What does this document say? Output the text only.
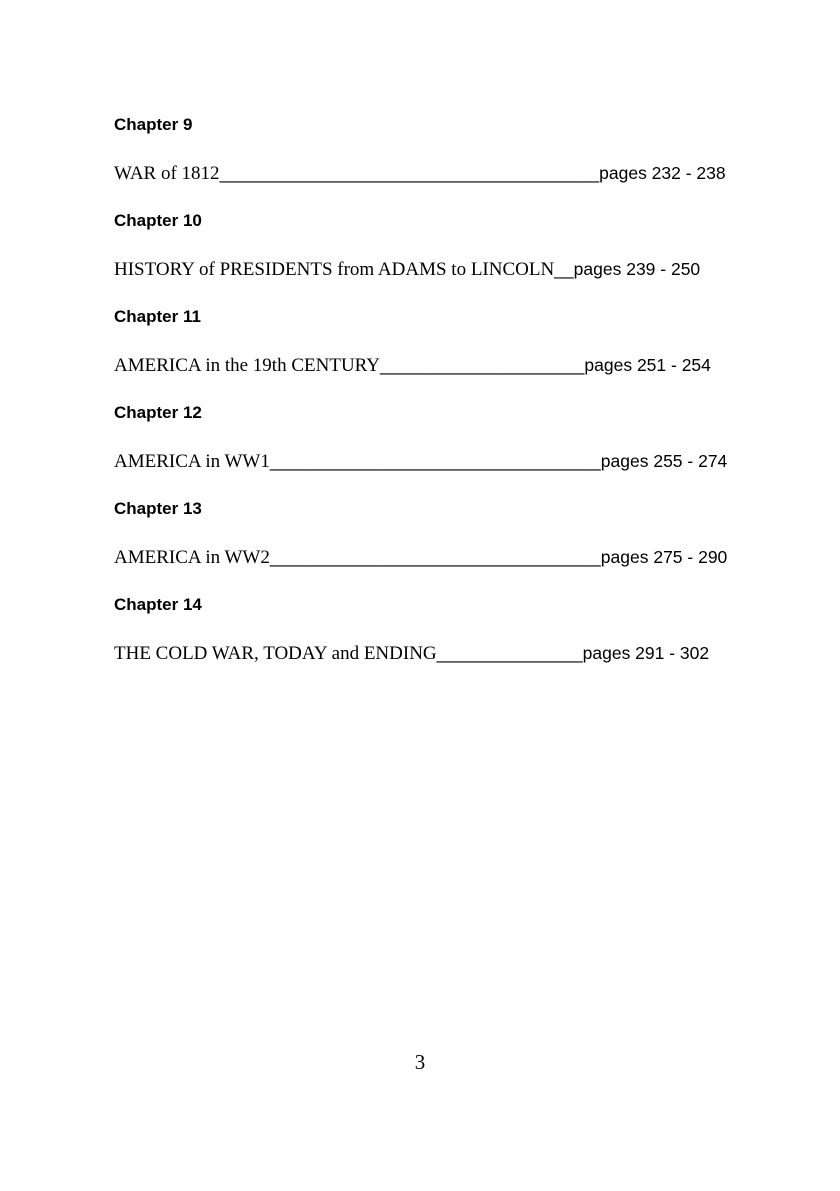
Chapter 9
WAR of 1812_______________________________________pages 232 - 238
Chapter 10
HISTORY of PRESIDENTS from ADAMS to LINCOLN__pages 239 - 250
Chapter 11
AMERICA in the 19th CENTURY_____________________pages 251 - 254
Chapter 12
AMERICA in WW1__________________________________pages 255 - 274
Chapter 13
AMERICA in WW2__________________________________pages 275 - 290
Chapter 14
THE COLD WAR, TODAY and ENDING_______________pages 291 - 302
3
